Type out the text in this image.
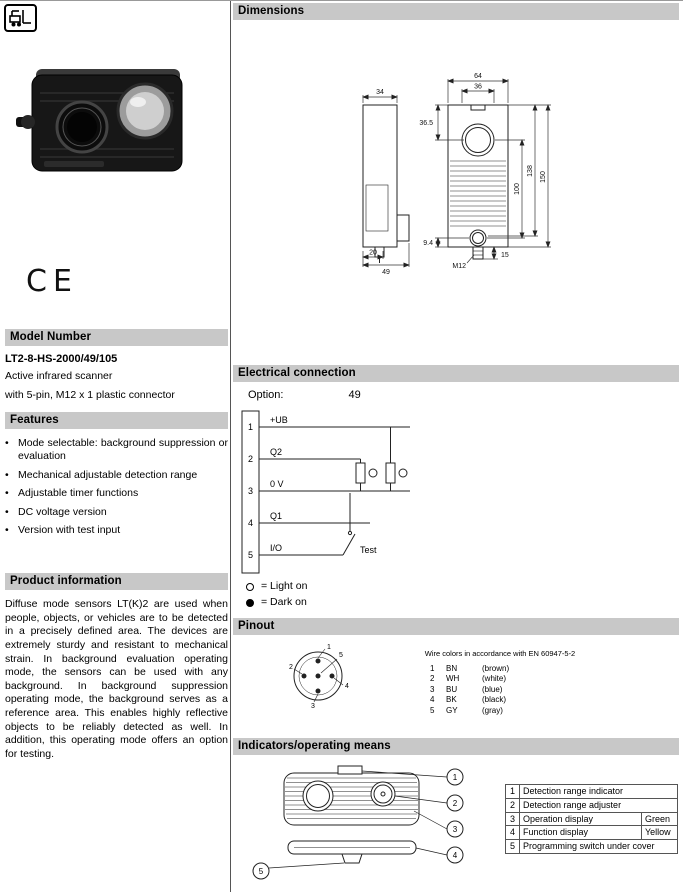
CE
Model Number
LT2-8-HS-2000/49/105
Active infrared scanner
with 5-pin, M12 x 1 plastic connector
Features
•
Mode selectable: background suppression or evaluation
•
Mechanical adjustable detection range
•
Adjustable timer functions
•
DC voltage version
•
Version with test input
Product information

Diffuse mode sensors LT(K)2 are used when people, objects, or vehicles are to be detected in a precisely defined area. The devices are extremely sturdy and resistant to mechanical strain. In background evaluation operating mode, the sensors can be used with any background. In background suppression operating mode, the background serves as a reference area. This enables highly reflective objects to be reliably detected as well. In addition, this operating mode offers an option for testing.

Dimensions
34
20
49
64
36
36.5
9.4
100
138
150
15
M12
Electrical connection
Option:	49
1
2
3
4
5
+UB
Q2
0 V
Q1
I/O	Test
= Light on
= Dark on
Pinout
1
2
3
4
5	Wire colors in accordance with EN 60947-5-2
1	BN	(brown)
2	WH	(white)
3	BU	(blue)
4	BK	(black)
5	GY	(gray)
Indicators/operating means
1
2
3
4
5
1	Detection range indicator	
2	Detection range adjuster	
3	Operation display	Green
4	Function display	Yellow
5	Programming switch under cover	
